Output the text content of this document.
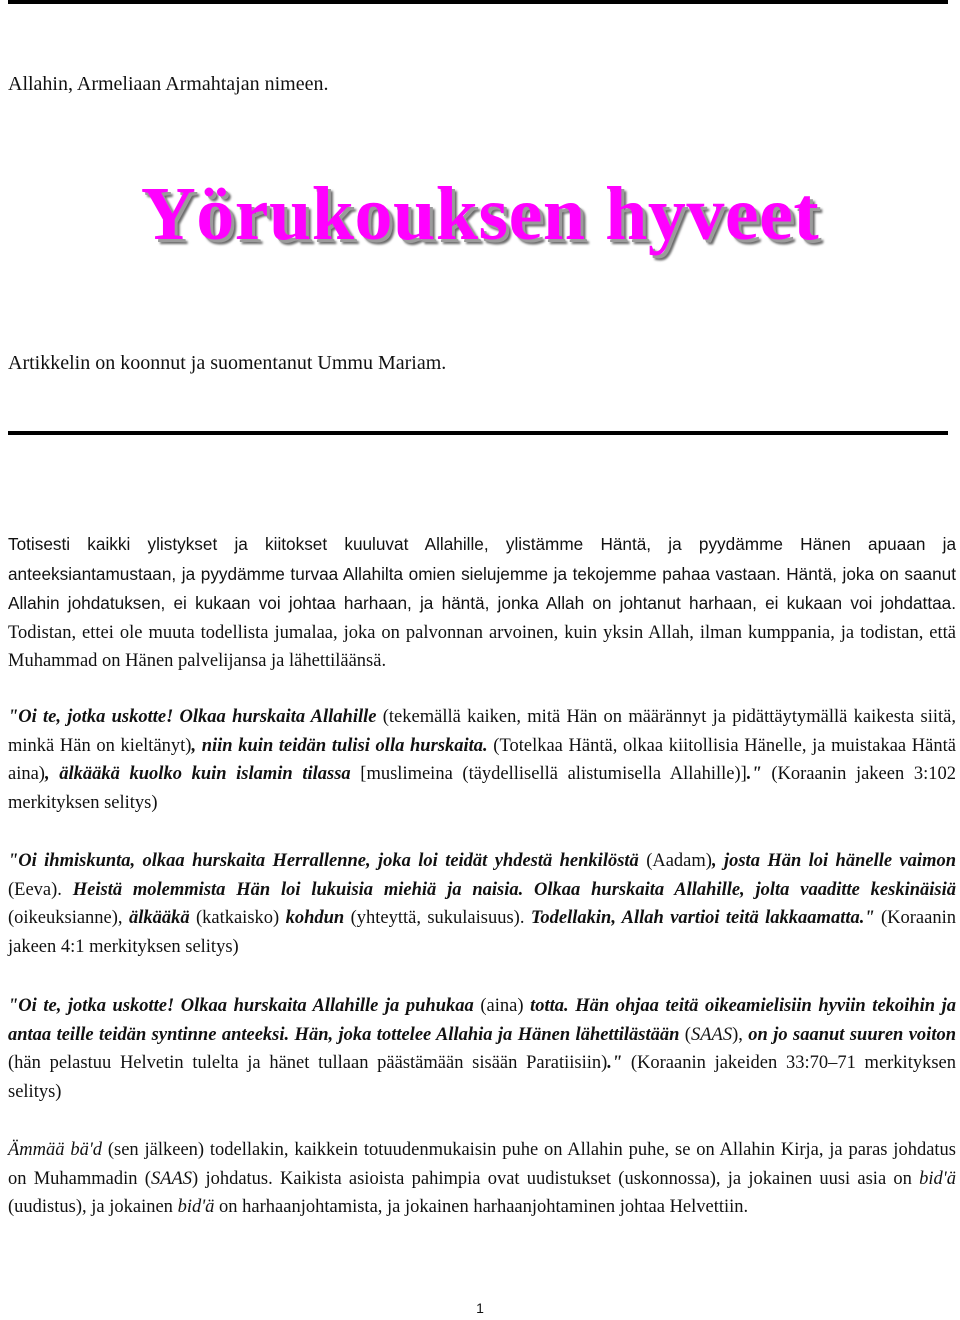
Allahin, Armeliaan Armahtajan nimeen.
Yörukouksen hyveet
Artikkelin on koonnut ja suomentanut Ummu Mariam.

Totisesti kaikki ylistykset ja kiitokset kuuluvat Allahille, ylistämme Häntä, ja pyydämme Hänen apuaan ja anteeksiantamustaan, ja pyydämme turvaa Allahilta omien sielujemme ja tekojemme pahaa vastaan. Häntä, joka on saanut Allahin johdatuksen, ei kukaan voi johtaa harhaan, ja häntä, jonka Allah on johtanut harhaan, ei kukaan voi johdattaa. Todistan, ettei ole muuta todellista jumalaa, joka on palvonnan arvoinen, kuin yksin Allah, ilman kumppania, ja todistan, että Muhammad on Hänen palvelijansa ja lähettiläänsä.

"Oi te, jotka uskotte! Olkaa hurskaita Allahille (tekemällä kaiken, mitä Hän on määrännyt ja pidättäytymällä kaikesta siitä, minkä Hän on kieltänyt), niin kuin teidän tulisi olla hurskaita. (Totelkaa Häntä, olkaa kiitollisia Hänelle, ja muistakaa Häntä aina), älkääkä kuolko kuin islamin tilassa [muslimeina (täydellisellä alistumisella Allahille)]." (Koraanin jakeen 3:102 merkityksen selitys)

"Oi ihmiskunta, olkaa hurskaita Herrallenne, joka loi teidät yhdestä henkilöstä (Aadam), josta Hän loi hänelle vaimon (Eeva). Heistä molemmista Hän loi lukuisia miehiä ja naisia. Olkaa hurskaita Allahille, jolta vaaditte keskinäisiä (oikeuksianne), älkääkä (katkaisko) kohdun (yhteyttä, sukulaisuus). Todellakin, Allah vartioi teitä lakkaamatta." (Koraanin jakeen 4:1 merkityksen selitys)

"Oi te, jotka uskotte! Olkaa hurskaita Allahille ja puhukaa (aina) totta. Hän ohjaa teitä oikeamielisiin hyviin tekoihin ja antaa teille teidän syntinne anteeksi. Hän, joka tottelee Allahia ja Hänen lähettilästään (SAAS), on jo saanut suuren voiton (hän pelastuu Helvetin tulelta ja hänet tullaan päästämään sisään Paratiisiin)." (Koraanin jakeiden 33:70–71 merkityksen selitys)

Ämmää bä'd (sen jälkeen) todellakin, kaikkein totuudenmukaisin puhe on Allahin puhe, se on Allahin Kirja, ja paras johdatus on Muhammadin (SAAS) johdatus. Kaikista asioista pahimpia ovat uudistukset (uskonnossa), ja jokainen uusi asia on bid'ä (uudistus), ja jokainen bid'ä on harhaanjohtamista, ja jokainen harhaanjohtaminen johtaa Helvettiin.

1
